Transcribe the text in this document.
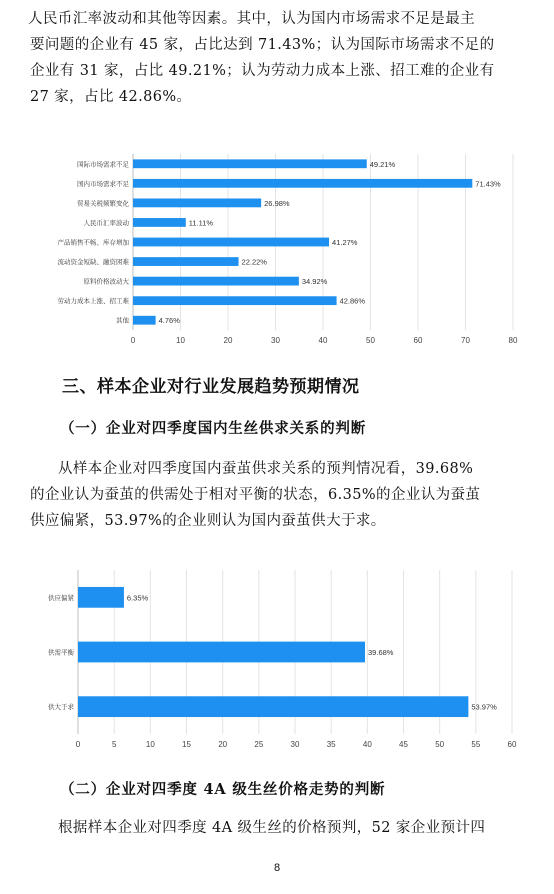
人民币汇率波动和其他等因素。其中，认为国内市场需求不足是最主
要问题的企业有 45 家，占比达到 71.43%；认为国际市场需求不足的
企业有 31 家，占比 49.21%；认为劳动力成本上涨、招工难的企业有
27 家，占比 42.86%。
0	10	20	30	40	50	60	70	80
国际市场需求不足	49.21%
国内市场需求不足	71.43%
贸易关税频繁变化	26.98%
人民币汇率波动	11.11%
产品销售不畅、库存增加	41.27%
流动资金短缺、融资困难	22.22%
原料价格波动大	34.92%
劳动力成本上涨、招工难	42.86%
其他	4.76%
三、样本企业对行业发展趋势预期情况
（一）企业对四季度国内生丝供求关系的判断
从样本企业对四季度国内蚕茧供求关系的预判情况看，39.68%
的企业认为蚕茧的供需处于相对平衡的状态，6.35%的企业认为蚕茧
供应偏紧，53.97%的企业则认为国内蚕茧供大于求。
0	5	10	15	20	25	30	35	40	45	50	55	60
供应偏紧	6.35%
供需平衡	39.68%
供大于求	53.97%
（二）企业对四季度 4A 级生丝价格走势的判断
根据样本企业对四季度 4A 级生丝的价格预判，52 家企业预计四
8
